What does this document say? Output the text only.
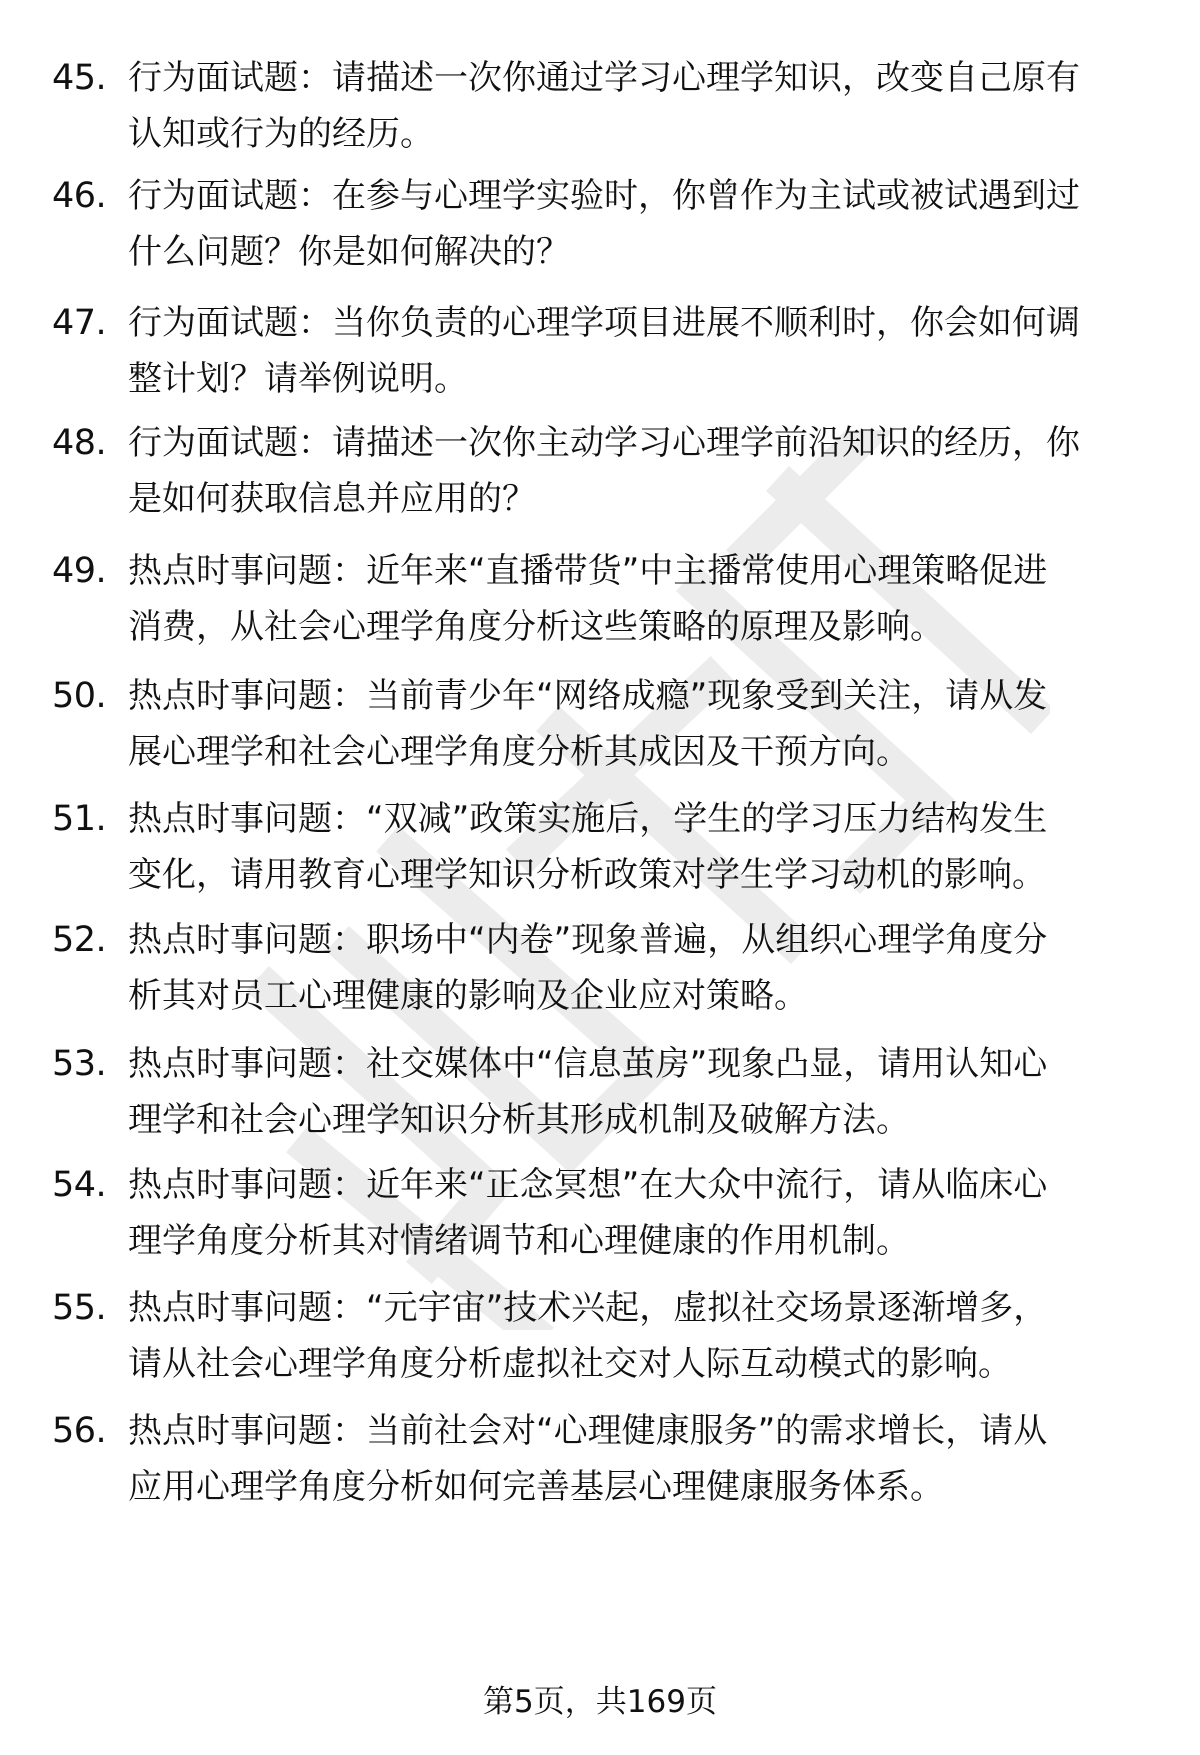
45. 行为面试题：请描述一次你通过学习心理学知识，改变自己原有
认知或行为的经历。
46. 行为面试题：在参与心理学实验时，你曾作为主试或被试遇到过
什么问题？你是如何解决的？
47. 行为面试题：当你负责的心理学项目进展不顺利时，你会如何调
整计划？请举例说明。
48. 行为面试题：请描述一次你主动学习心理学前沿知识的经历，你
是如何获取信息并应用的？
49. 热点时事问题：近年来“直播带货”中主播常使用心理策略促进
消费，从社会心理学角度分析这些策略的原理及影响。
50. 热点时事问题：当前青少年“网络成瘾”现象受到关注，请从发
展心理学和社会心理学角度分析其成因及干预方向。
51. 热点时事问题：“双减”政策实施后，学生的学习压力结构发生
变化，请用教育心理学知识分析政策对学生学习动机的影响。
52. 热点时事问题：职场中“内卷”现象普遍，从组织心理学角度分
析其对员工心理健康的影响及企业应对策略。
53. 热点时事问题：社交媒体中“信息茧房”现象凸显，请用认知心
理学和社会心理学知识分析其形成机制及破解方法。
54. 热点时事问题：近年来“正念冥想”在大众中流行，请从临床心
理学角度分析其对情绪调节和心理健康的作用机制。
55. 热点时事问题：“元宇宙”技术兴起，虚拟社交场景逐渐增多，
请从社会心理学角度分析虚拟社交对人际互动模式的影响。
56. 热点时事问题：当前社会对“心理健康服务”的需求增长，请从
应用心理学角度分析如何完善基层心理健康服务体系。
第5页，共169页
